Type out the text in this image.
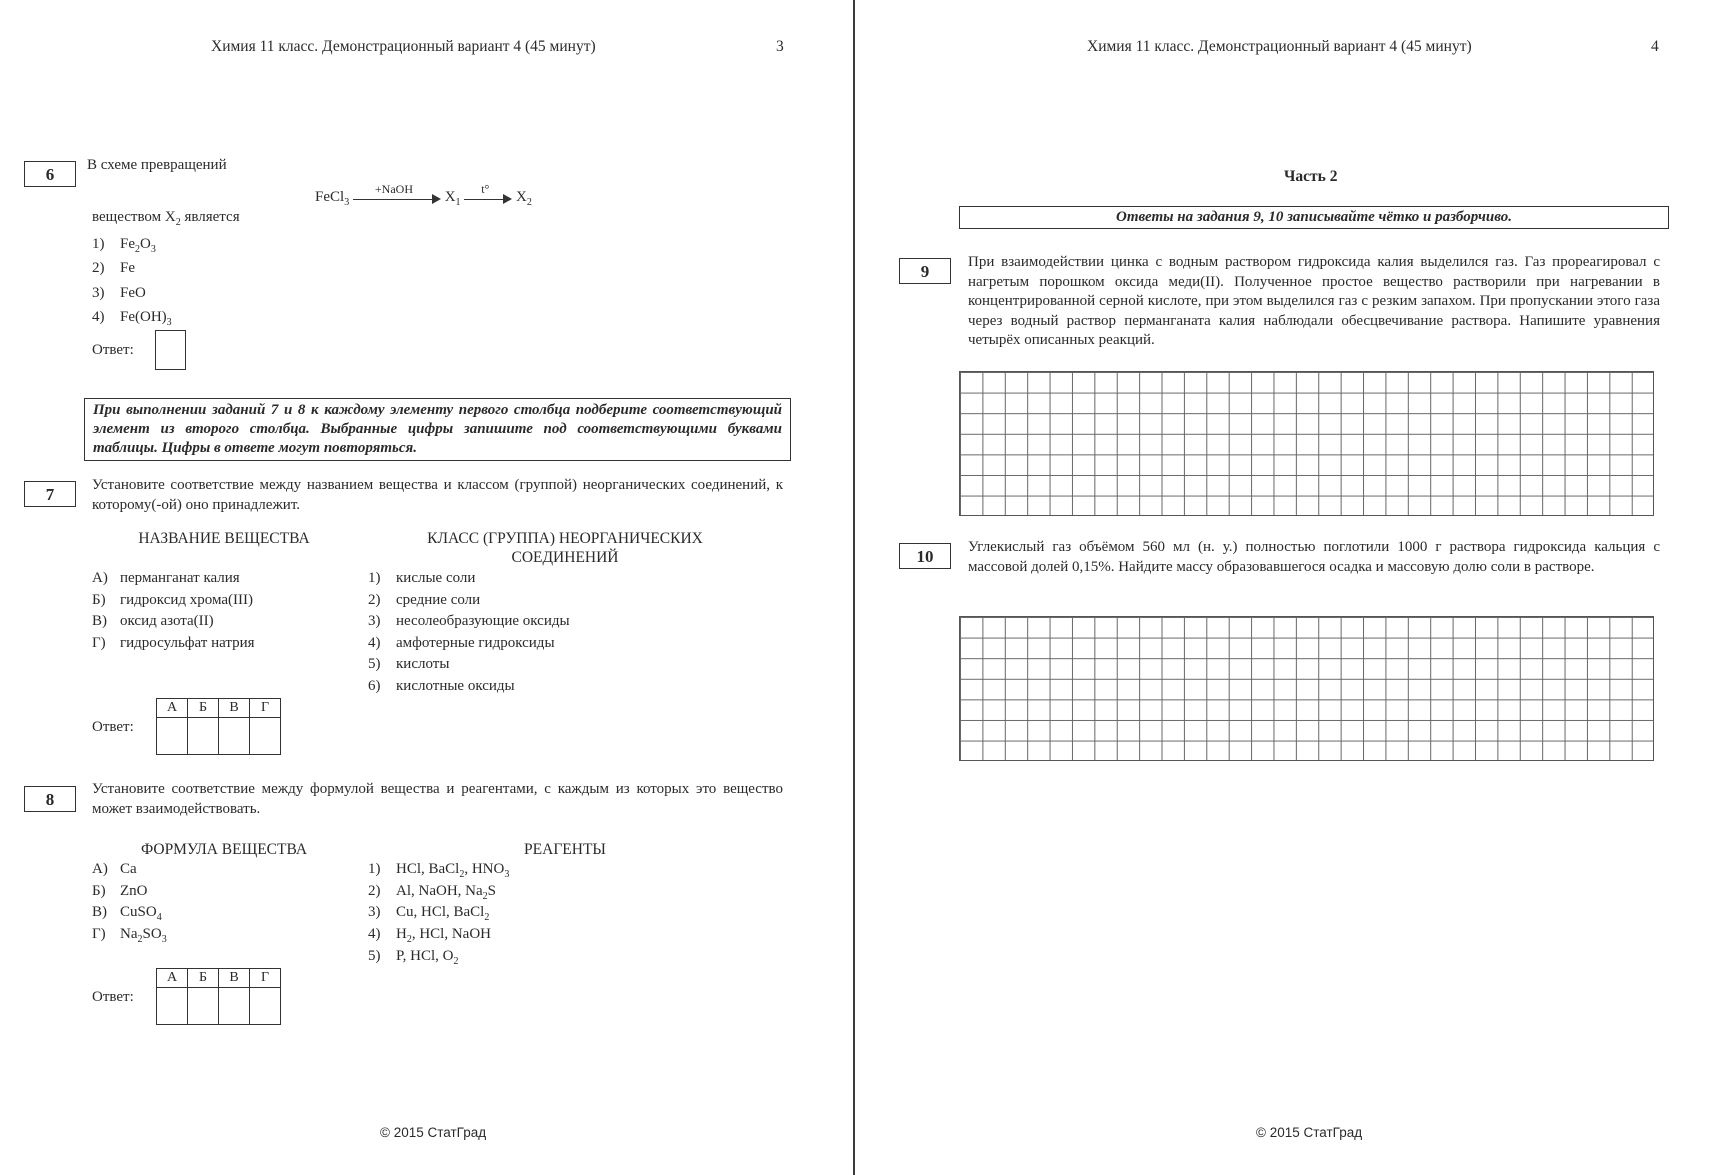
Химия 11 класс. Демонстрационный вариант 4 (45 минут)	3
6	В схеме превращений
FeCl$_3$
+NaOH
$X_1$
t°
$X_2$
веществом $X_2$ является
1) $Fe_2O_3$
2) Fe
3) FeO
4) $Fe(OH)_3$
Ответ:
При выполнении заданий 7 и 8 к каждому элементу первого столбца подберите соответствующий элемент из второго столбца. Выбранные цифры запишите под соответствующими буквами таблицы. Цифры в ответе могут повторяться.
7	Установите соответствие между названием вещества и классом (группой) неорганических соединений, к которому(-ой) оно принадлежит.
НАЗВАНИЕ ВЕЩЕСТВА	КЛАСС (ГРУППА) НЕОРГАНИЧЕСКИХ
СОЕДИНЕНИЙ
А) перманганат калия
Б) гидроксид хрома(III)
В) оксид азота(II)
Г) гидросульфат натрия
1) кислые соли
2) средние соли
3) несолеобразующие оксиды
4) амфотерные гидроксиды
5) кислоты
6) кислотные оксиды
Ответ:
А	Б	В	Г

8
Установите соответствие между формулой вещества и реагентами, с каждым из которых это вещество может взаимодействовать.
ФОРМУЛА ВЕЩЕСТВА	РЕАГЕНТЫ
А) Ca
Б) ZnO
В) CuSO$_4$
Г) $Na_2SO_3$
1) HCl, BaCl$_2$, $HNO_3$
2) Al, NaOH, $Na_2S$
3) Cu, HCl, BaCl$_2$
4) $H_2$, HCl, NaOH
5) P, HCl, $O_2$
Ответ:
А	Б	В	Г

© 2015 СтатГрад
Химия 11 класс. Демонстрационный вариант 4 (45 минут)	4
Часть 2
Ответы на задания 9, 10 записывайте чётко и разборчиво.
9	При взаимодействии цинка с водным раствором гидроксида калия выделился газ. Газ прореагировал с нагретым порошком оксида меди(II). Полученное простое вещество растворили при нагревании в концентрированной серной кислоте, при этом выделился газ с резким запахом. При пропускании этого газа через водный раствор перманганата калия наблюдали обесцвечивание раствора. Напишите уравнения четырёх описанных реакций.
10	Углекислый газ объёмом 560 мл (н. у.) полностью поглотили 1000 г раствора гидроксида кальция с массовой долей 0,15%. Найдите массу образовавшегося осадка и массовую долю соли в растворе.
© 2015 СтатГрад
